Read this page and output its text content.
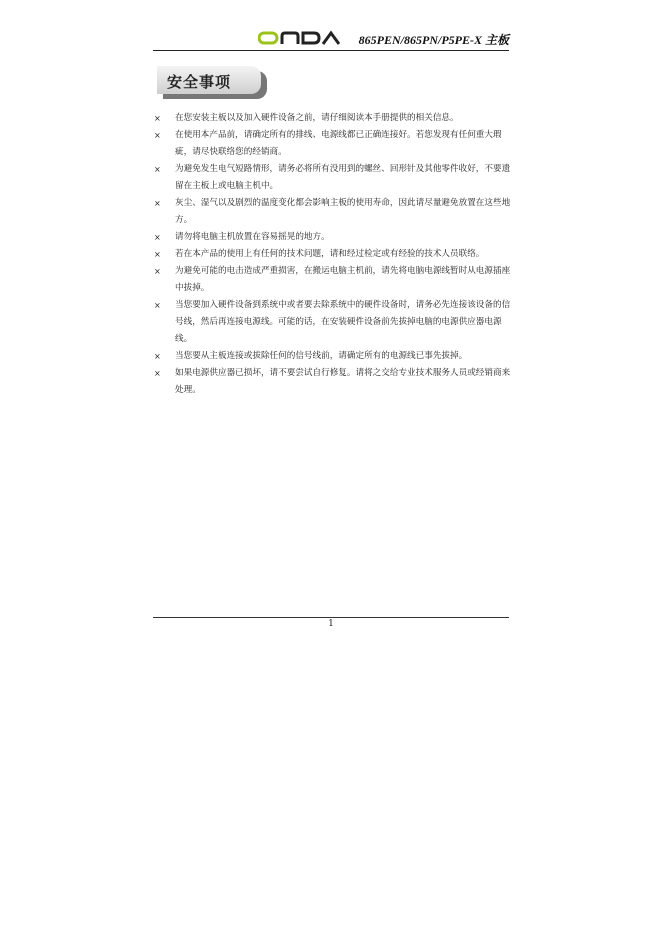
865PEN/865PN/P5PE-X 主板
安全事项
× 在您安装主板以及加入硬件设备之前，请仔细阅读本手册提供的相关信息。
× 在使用本产品前，请确定所有的排线、电源线都已正确连接好。若您发现有任何重大瑕疵，请尽快联络您的经销商。
× 为避免发生电气短路情形，请务必将所有没用到的螺丝、回形针及其他零件收好，不要遗留在主板上或电脑主机中。
× 灰尘、湿气以及剧烈的温度变化都会影响主板的使用寿命，因此请尽量避免放置在这些地方。
× 请勿将电脑主机放置在容易摇晃的地方。
× 若在本产品的使用上有任何的技术问题，请和经过检定或有经验的技术人员联络。
× 为避免可能的电击造成严重损害，在搬运电脑主机前，请先将电脑电源线暂时从电源插座中拔掉。
× 当您要加入硬件设备到系统中或者要去除系统中的硬件设备时，请务必先连接该设备的信号线，然后再连接电源线。可能的话，在安装硬件设备前先拔掉电脑的电源供应器电源线。
× 当您要从主板连接或拔除任何的信号线前，请确定所有的电源线已事先拔掉。
× 如果电源供应器已损坏，请不要尝试自行修复。请将之交给专业技术服务人员或经销商来处理。
1
